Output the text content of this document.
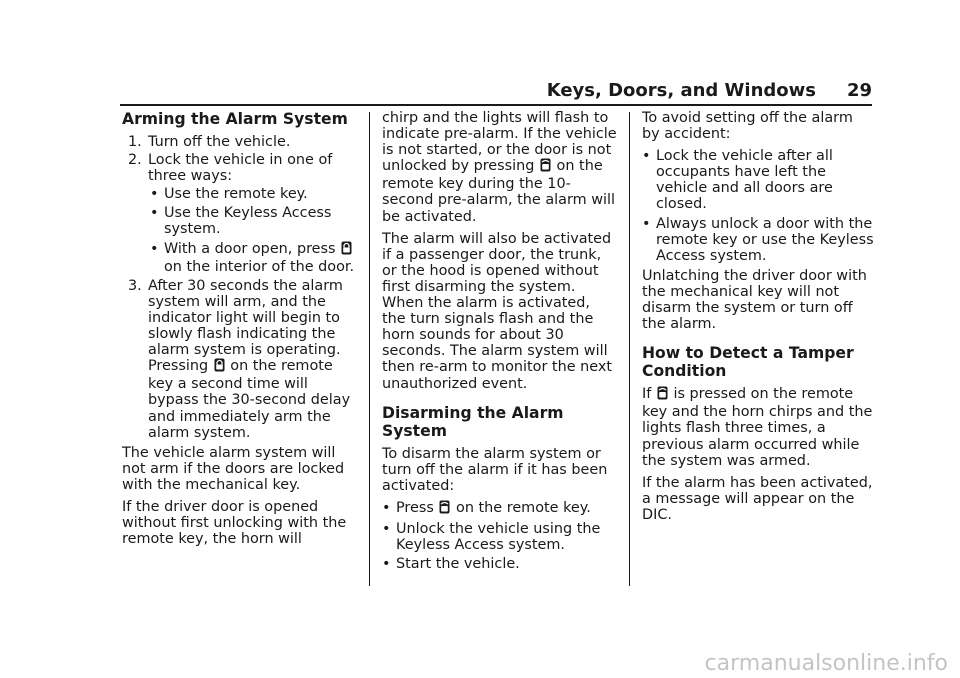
Keys, Doors, and Windows 29
Arming the Alarm System
1. Turn off the vehicle.
2. Lock the vehicle in one of three ways:
• Use the remote key.
• Use the Keyless Access system.
• With a door open, press  on the interior of the door.
3. After 30 seconds the alarm system will arm, and the indicator light will begin to slowly flash indicating the alarm system is operating. Pressing  on the remote key a second time will bypass the 30-second delay and immediately arm the alarm system.

The vehicle alarm system will not arm if the doors are locked with the mechanical key.

If the driver door is opened without first unlocking with the remote key, the horn will

chirp and the lights will flash to indicate pre-alarm. If the vehicle is not started, or the door is not unlocked by pressing  on the remote key during the 10-second pre-alarm, the alarm will be activated.

The alarm will also be activated if a passenger door, the trunk, or the hood is opened without first disarming the system. When the alarm is activated, the turn signals flash and the horn sounds for about 30 seconds. The alarm system will then re-arm to monitor the next unauthorized event.

Disarming the Alarm System

To disarm the alarm system or turn off the alarm if it has been activated:

• Press  on the remote key.
• Unlock the vehicle using the Keyless Access system.
• Start the vehicle.

To avoid setting off the alarm by accident:

• Lock the vehicle after all occupants have left the vehicle and all doors are closed.
• Always unlock a door with the remote key or use the Keyless Access system.

Unlatching the driver door with the mechanical key will not disarm the system or turn off the alarm.

How to Detect a Tamper Condition

If  is pressed on the remote key and the horn chirps and the lights flash three times, a previous alarm occurred while the system was armed.

If the alarm has been activated, a message will appear on the DIC.

carmanualsonline.info
